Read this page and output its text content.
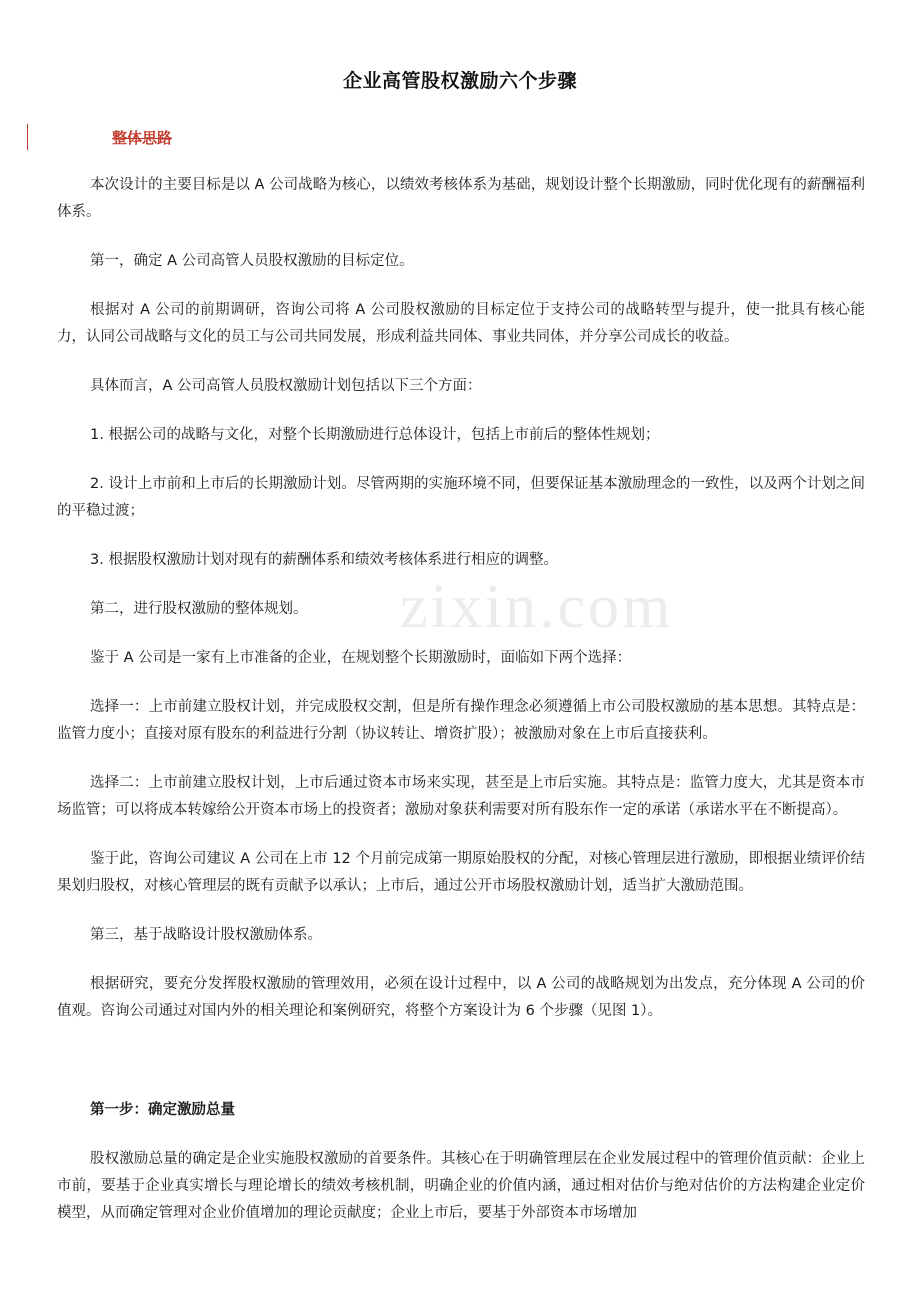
企业高管股权激励六个步骤
整体思路
zixin.com

本次设计的主要目标是以 A 公司战略为核心，以绩效考核体系为基础，规划设计整个长期激励，同时优化现有的薪酬福利体系。

第一，确定 A 公司高管人员股权激励的目标定位。

根据对 A 公司的前期调研，咨询公司将 A 公司股权激励的目标定位于支持公司的战略转型与提升，使一批具有核心能力，认同公司战略与文化的员工与公司共同发展，形成利益共同体、事业共同体，并分享公司成长的收益。

具体而言，A 公司高管人员股权激励计划包括以下三个方面：

1. 根据公司的战略与文化，对整个长期激励进行总体设计，包括上市前后的整体性规划；

2. 设计上市前和上市后的长期激励计划。尽管两期的实施环境不同，但要保证基本激励理念的一致性，以及两个计划之间的平稳过渡；

3. 根据股权激励计划对现有的薪酬体系和绩效考核体系进行相应的调整。

第二，进行股权激励的整体规划。

鉴于 A 公司是一家有上市准备的企业，在规划整个长期激励时，面临如下两个选择：

选择一：上市前建立股权计划，并完成股权交割，但是所有操作理念必须遵循上市公司股权激励的基本思想。其特点是：监管力度小；直接对原有股东的利益进行分割（协议转让、增资扩股）；被激励对象在上市后直接获利。

选择二：上市前建立股权计划，上市后通过资本市场来实现，甚至是上市后实施。其特点是：监管力度大，尤其是资本市场监管；可以将成本转嫁给公开资本市场上的投资者；激励对象获利需要对所有股东作一定的承诺（承诺水平在不断提高）。

鉴于此，咨询公司建议 A 公司在上市 12 个月前完成第一期原始股权的分配，对核心管理层进行激励，即根据业绩评价结果划归股权，对核心管理层的既有贡献予以承认；上市后，通过公开市场股权激励计划，适当扩大激励范围。

第三，基于战略设计股权激励体系。

根据研究，要充分发挥股权激励的管理效用，必须在设计过程中，以 A 公司的战略规划为出发点，充分体现 A 公司的价值观。咨询公司通过对国内外的相关理论和案例研究，将整个方案设计为 6 个步骤（见图 1）。

第一步：确定激励总量

股权激励总量的确定是企业实施股权激励的首要条件。其核心在于明确管理层在企业发展过程中的管理价值贡献：企业上市前，要基于企业真实增长与理论增长的绩效考核机制，明确企业的价值内涵，通过相对估价与绝对估价的方法构建企业定价模型，从而确定管理对企业价值增加的理论贡献度；企业上市后，要基于外部资本市场增加
